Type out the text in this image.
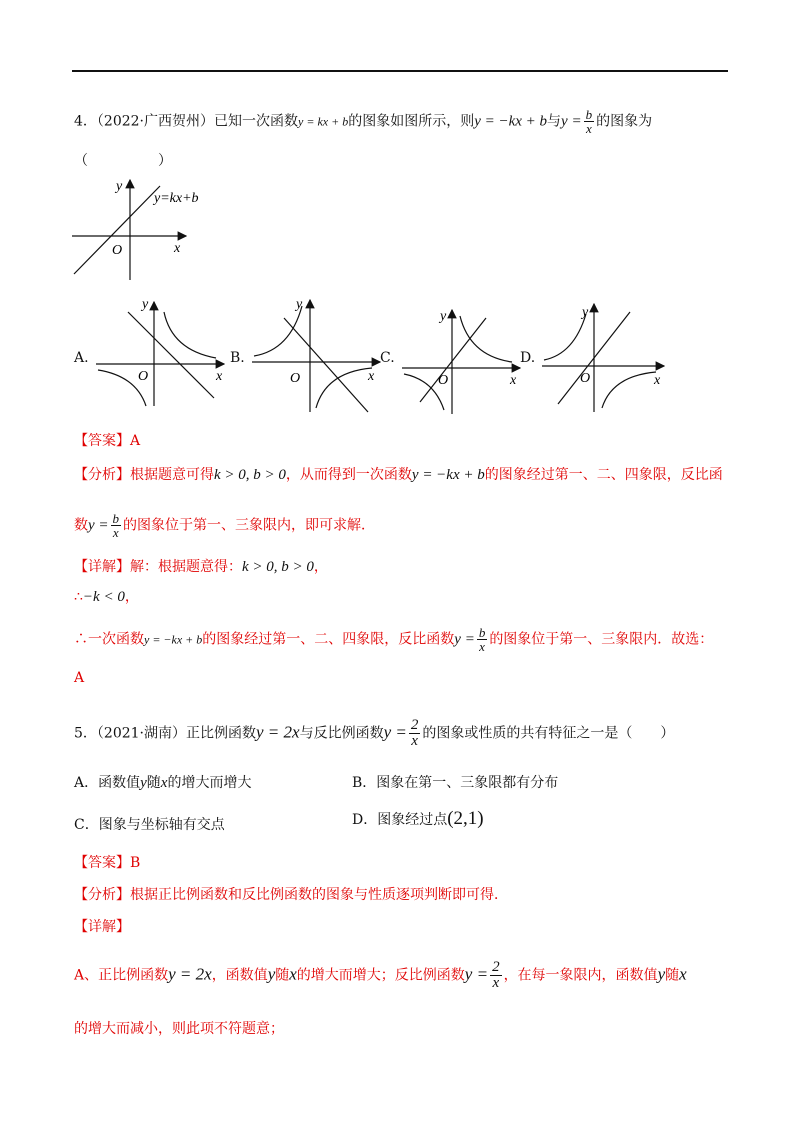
4．（2022·广西贺州）已知一次函数y = kx + b的图象如图所示，则y = −kx + b与$y = \frac{b}{x}$ 的图象为
（　　　　　）
y
x
O
y=kx+b
A.
y
x
O
B.
y
x
O
C.
y
x
O
D.
y
x
O
【答案】A
【分析】根据题意可得k > 0, b > 0，从而得到一次函数y = −kx + b的图象经过第一、二、四象限，反比函
数$y = \frac{b}{x}$ 的图象位于第一、三象限内，即可求解．
【详解】解：根据题意得：k > 0, b > 0，
∴−k < 0，
∴一次函数y = −kx + b的图象经过第一、二、四象限，反比函数$y = \frac{b}{x}$ 的图象位于第一、三象限内．故选：
A
5．（2021·湖南）正比例函数y = 2x与反比例函数$y = \frac{2}{x}$ 的图象或性质的共有特征之一是（　　）
A．函数值y随x的增大而增大	B．图象在第一、三象限都有分布
C．图象与坐标轴有交点	D．图象经过点(2,1)
【答案】B
【分析】根据正比例函数和反比例函数的图象与性质逐项判断即可得．
【详解】
A、正比例函数y = 2x，函数值y随x的增大而增大；反比例函数$y = \frac{2}{x}$ ，在每一象限内，函数值y随x
的增大而减小，则此项不符题意；
